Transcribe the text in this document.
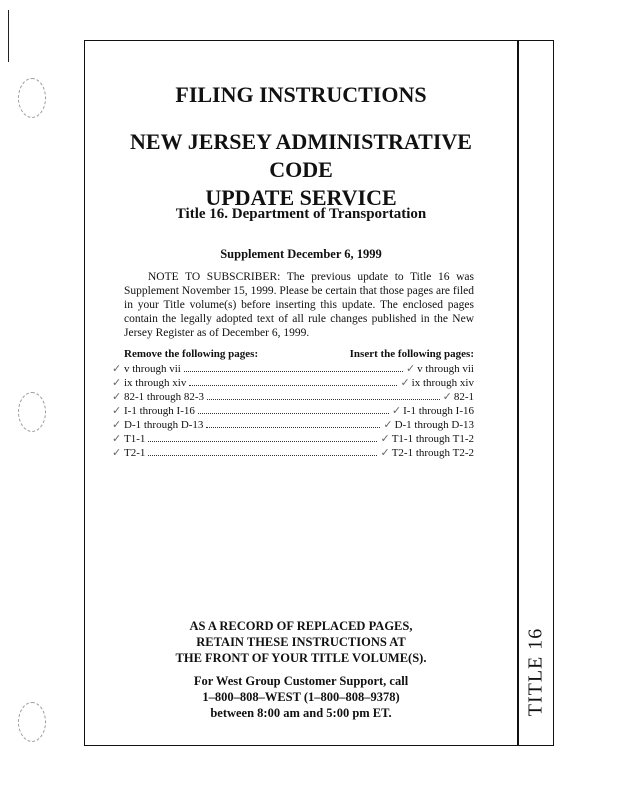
TITLE 16
FILING INSTRUCTIONS
NEW JERSEY ADMINISTRATIVE CODE
UPDATE SERVICE
Title 16. Department of Transportation
Supplement December 6, 1999
NOTE TO SUBSCRIBER: The previous update to Title 16 was Supplement November 15, 1999. Please be certain that those pages are filed in your Title volume(s) before inserting this update. The enclosed pages contain the legally adopted text of all rule changes published in the New Jersey Register as of December 6, 1999.
Remove the following pages:	Insert the following pages:
✓ v through vii	✓ v through vii
✓ ix through xiv	✓ ix through xiv
✓ 82-1 through 82-3	✓ 82-1
✓ I-1 through I-16	✓ I-1 through I-16
✓ D-1 through D-13	✓ D-1 through D-13
✓ T1-1	✓ T1-1 through T1-2
✓ T2-1	✓ T2-1 through T2-2
AS A RECORD OF REPLACED PAGES,
RETAIN THESE INSTRUCTIONS AT
THE FRONT OF YOUR TITLE VOLUME(S).
For West Group Customer Support, call
1–800–808–WEST (1–800–808–9378)
between 8:00 am and 5:00 pm ET.
